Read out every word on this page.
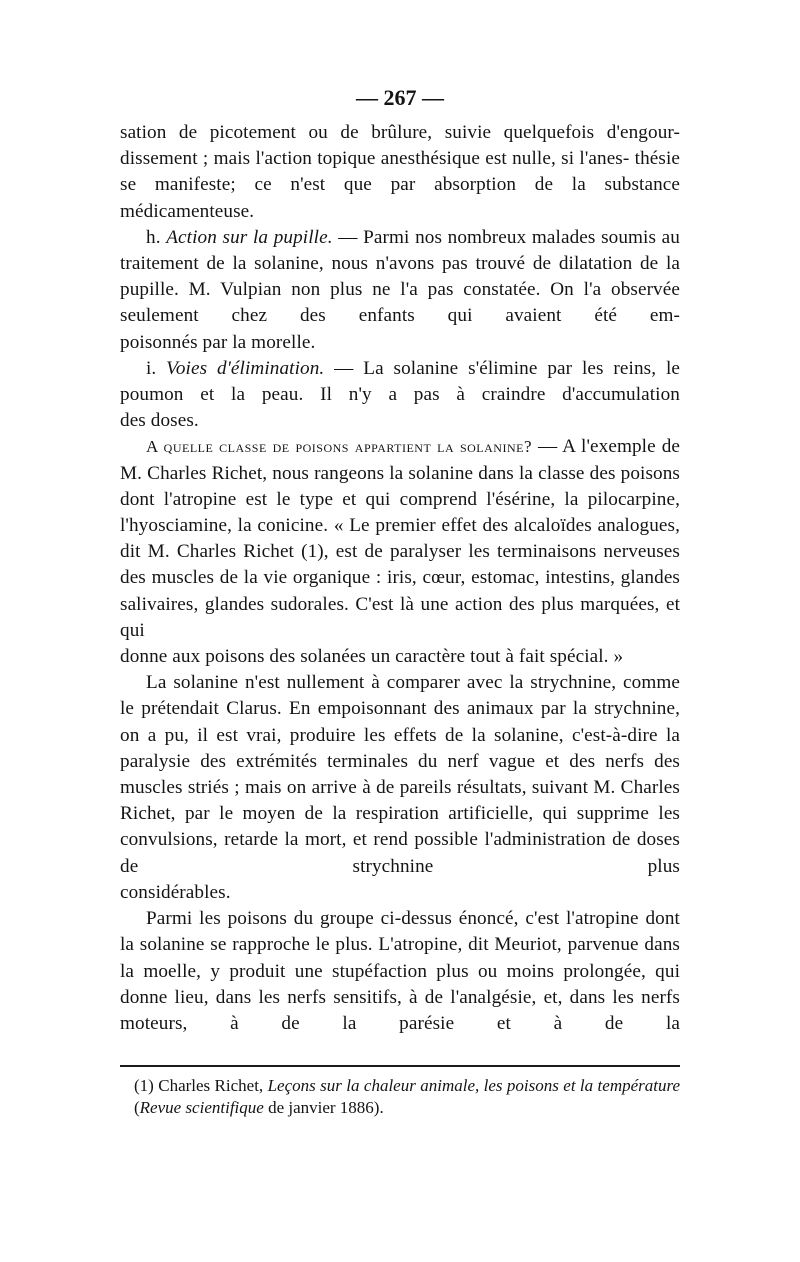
— 267 —

sation de picotement ou de brûlure, suivie quelquefois d'engour- dissement ; mais l'action topique anesthésique est nulle, si l'anes- thésie se manifeste; ce n'est que par absorption de la substance

médicamenteuse.

h. Action sur la pupille. — Parmi nos nombreux malades soumis au traitement de la solanine, nous n'avons pas trouvé de dilatation de la pupille. M. Vulpian non plus ne l'a pas constatée. On l'a observée seulement chez des enfants qui avaient été em-

poisonnés par la morelle.

i. Voies d'élimination. — La solanine s'élimine par les reins, le poumon et la peau. Il n'y a pas à craindre d'accumulation

des doses.

A quelle classe de poisons appartient la solanine? — A l'exemple de M. Charles Richet, nous rangeons la solanine dans la classe des poisons dont l'atropine est le type et qui comprend l'ésérine, la pilocarpine, l'hyosciamine, la conicine. « Le premier effet des alcaloïdes analogues, dit M. Charles Richet (1), est de paralyser les terminaisons nerveuses des muscles de la vie organique : iris, cœur, estomac, intestins, glandes salivaires, glandes sudorales. C'est là une action des plus marquées, et qui

donne aux poisons des solanées un caractère tout à fait spécial. »

La solanine n'est nullement à comparer avec la strychnine, comme le prétendait Clarus. En empoisonnant des animaux par la strychnine, on a pu, il est vrai, produire les effets de la solanine, c'est-à-dire la paralysie des extrémités terminales du nerf vague et des nerfs des muscles striés ; mais on arrive à de pareils résultats, suivant M. Charles Richet, par le moyen de la respiration artificielle, qui supprime les convulsions, retarde la mort, et rend possible l'administration de doses de strychnine plus

considérables.

Parmi les poisons du groupe ci-dessus énoncé, c'est l'atropine dont la solanine se rapproche le plus. L'atropine, dit Meuriot, parvenue dans la moelle, y produit une stupéfaction plus ou moins prolongée, qui donne lieu, dans les nerfs sensitifs, à de l'analgésie, et, dans les nerfs moteurs, à de la parésie et à de la

(1) Charles Richet, Leçons sur la chaleur animale, les poisons et la température (Revue scientifique de janvier 1886).
